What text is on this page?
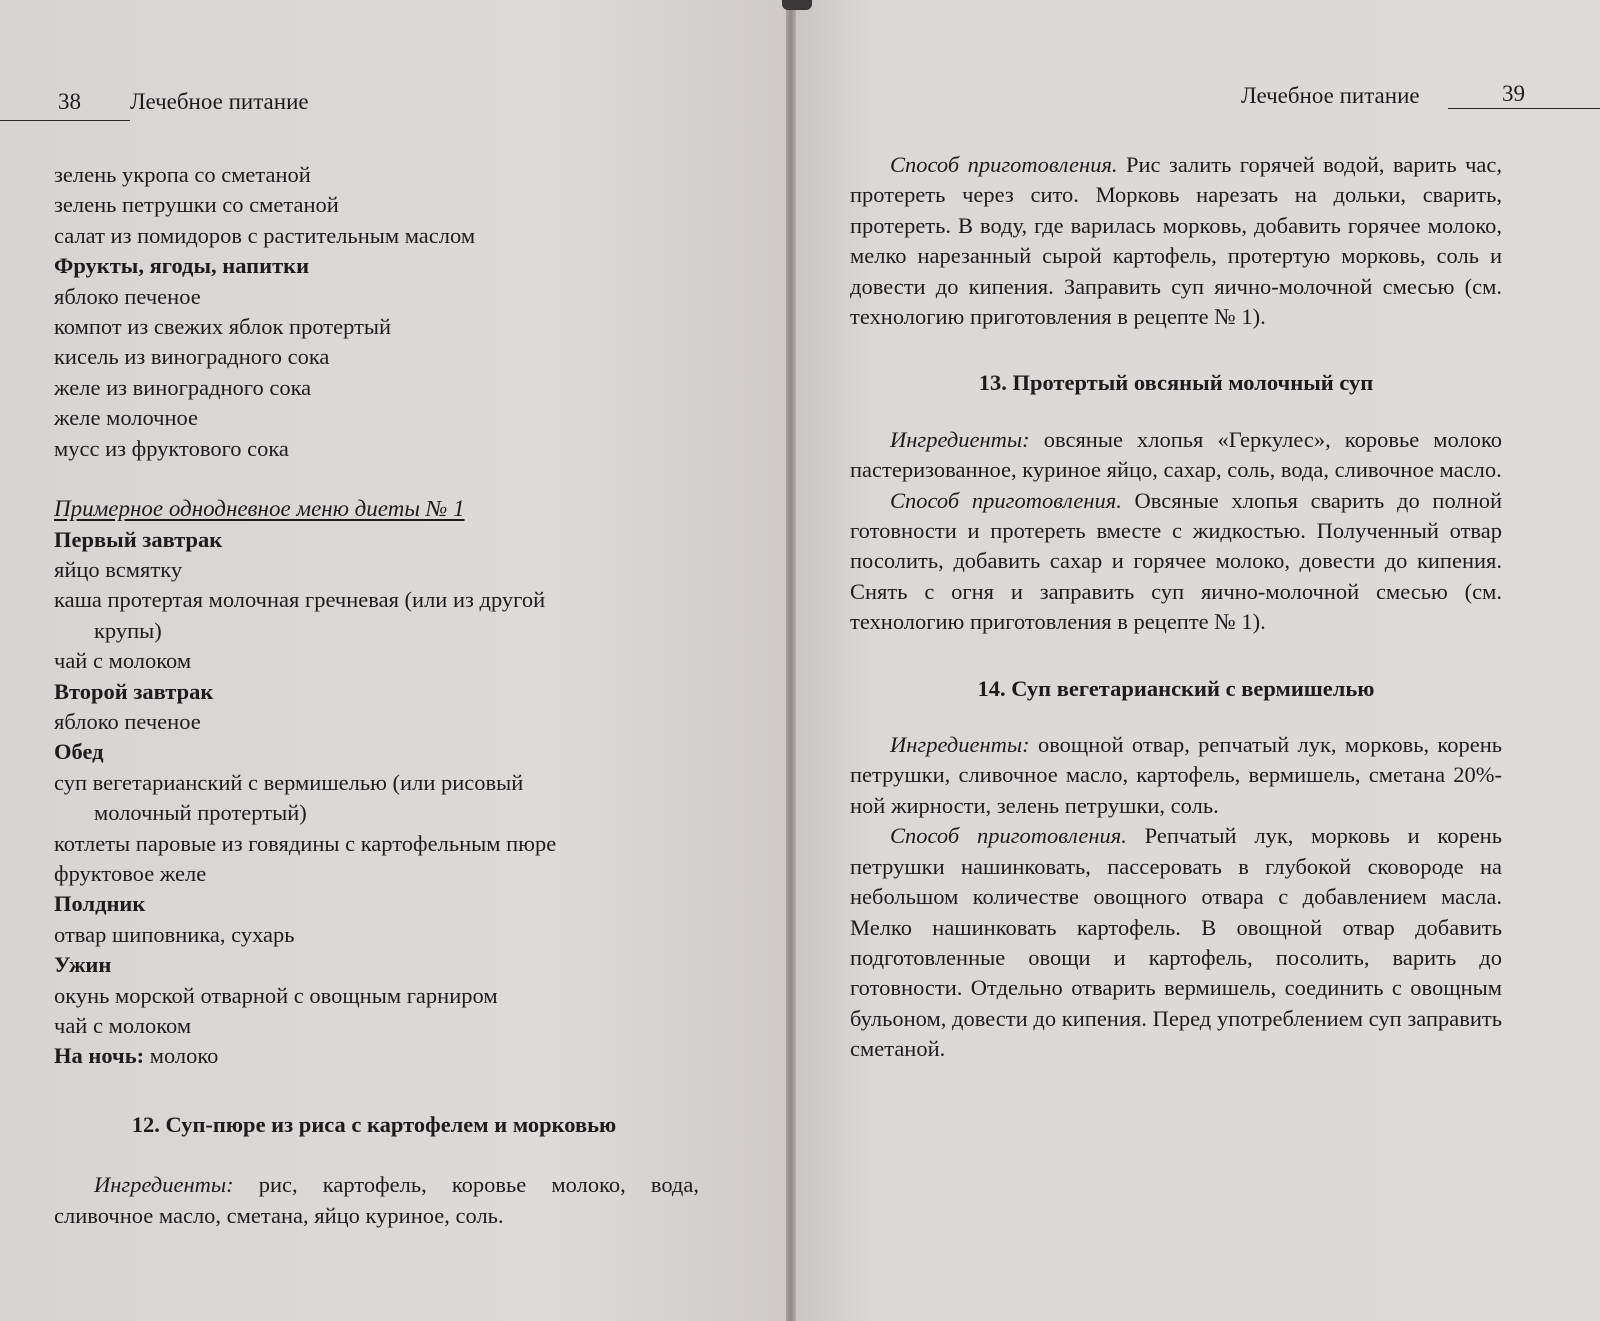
38 Лечебное питание
зелень укропа со сметаной
зелень петрушки со сметаной
салат из помидоров с растительным маслом
Фрукты, ягоды, напитки
яблоко печеное
компот из свежих яблок протертый
кисель из виноградного сока
желе из виноградного сока
желе молочное
мусс из фруктового сока
Примерное однодневное меню диеты № 1
Первый завтрак
яйцо всмятку
каша протертая молочная гречневая (или из другой
крупы)
чай с молоком
Второй завтрак
яблоко печеное
Обед
суп вегетарианский с вермишелью (или рисовый
молочный протертый)
котлеты паровые из говядины с картофельным пюре
фруктовое желе
Полдник
отвар шиповника, сухарь
Ужин
окунь морской отварной с овощным гарниром
чай с молоком
На ночь: молоко
12. Суп-пюре из риса с картофелем и морковью
Ингредиенты: рис, картофель, коровье молоко, вода, сливочное масло, сметана, яйцо куриное, соль.
Лечебное питание	39
Способ приготовления. Рис залить горячей водой, варить час, протереть через сито. Морковь нарезать на дольки, сварить, протереть. В воду, где варилась морковь, добавить горячее молоко, мелко нарезанный сырой картофель, протертую морковь, соль и довести до кипения. Заправить суп яично-молочной смесью (см. технологию приготовления в рецепте № 1).
13. Протертый овсяный молочный суп
Ингредиенты: овсяные хлопья «Геркулес», коровье молоко пастеризованное, куриное яйцо, сахар, соль, вода, сливочное масло.
Способ приготовления. Овсяные хлопья сварить до полной готовности и протереть вместе с жидкостью. Полученный отвар посолить, добавить сахар и горячее молоко, довести до кипения. Снять с огня и заправить суп яично-молочной смесью (см. технологию приготовления в рецепте № 1).
14. Суп вегетарианский с вермишелью
Ингредиенты: овощной отвар, репчатый лук, морковь, корень петрушки, сливочное масло, картофель, вермишель, сметана 20%-ной жирности, зелень петрушки, соль.
Способ приготовления. Репчатый лук, морковь и корень петрушки нашинковать, пассеровать в глубокой сковороде на небольшом количестве овощного отвара с добавлением масла. Мелко нашинковать картофель. В овощной отвар добавить подготовленные овощи и картофель, посолить, варить до готовности. Отдельно отварить вермишель, соединить с овощным бульоном, довести до кипения. Перед употреблением суп заправить сметаной.
